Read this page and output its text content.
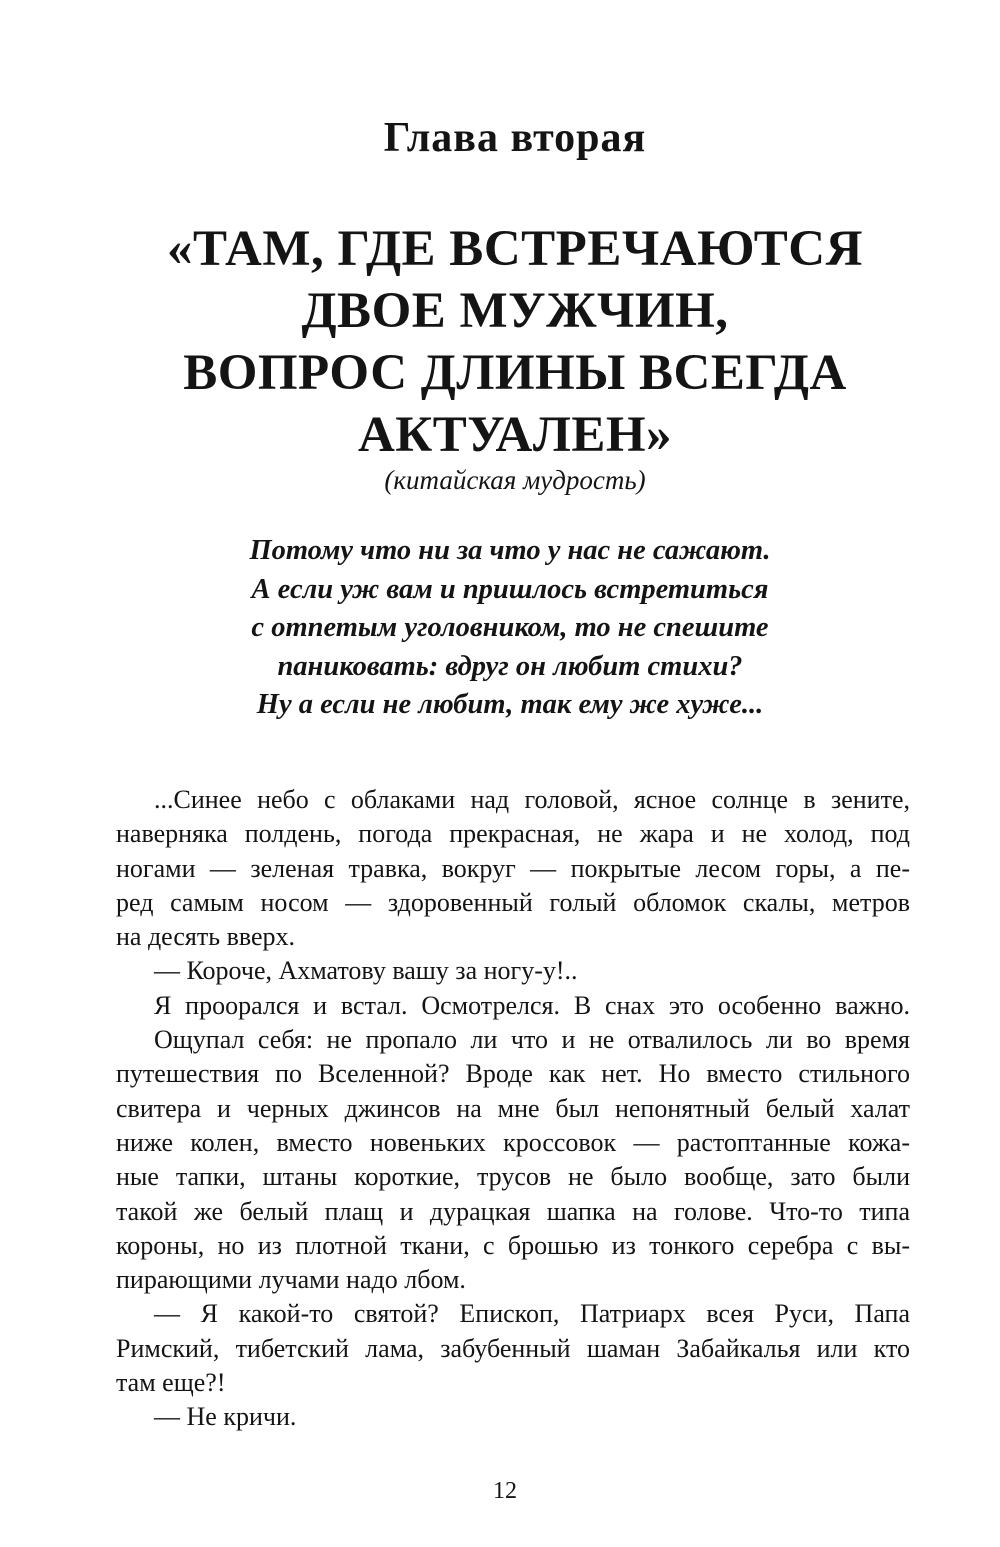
Глава вторая
«ТАМ, ГДЕ ВСТРЕЧАЮТСЯ
ДВОЕ МУЖЧИН,
ВОПРОС ДЛИНЫ ВСЕГДА
АКТУАЛЕН»
(китайская мудрость)
Потому что ни за что у нас не сажают.
А если уж вам и пришлось встретиться
с отпетым уголовником, то не спешите
паниковать: вдруг он любит стихи?
Ну а если не любит, так ему же хуже...
...Синее небо с облаками над головой, ясное солнце в зените,
наверняка полдень, погода прекрасная, не жара и не холод, под
ногами — зеленая травка, вокруг — покрытые лесом горы, а пе-
ред самым носом — здоровенный голый обломок скалы, метров
на десять вверх.
— Короче, Ахматову вашу за ногу-у!..
Я проорался и встал. Осмотрелся. В снах это особенно важно.
Ощупал себя: не пропало ли что и не отвалилось ли во время
путешествия по Вселенной? Вроде как нет. Но вместо стильного
свитера и черных джинсов на мне был непонятный белый халат
ниже колен, вместо новеньких кроссовок — растоптанные кожа-
ные тапки, штаны короткие, трусов не было вообще, зато были
такой же белый плащ и дурацкая шапка на голове. Что-то типа
короны, но из плотной ткани, с брошью из тонкого серебра с вы-
пирающими лучами надо лбом.
— Я какой-то святой? Епископ, Патриарх всея Руси, Папа
Римский, тибетский лама, забубенный шаман Забайкалья или кто
там еще?!
— Не кричи.
12
